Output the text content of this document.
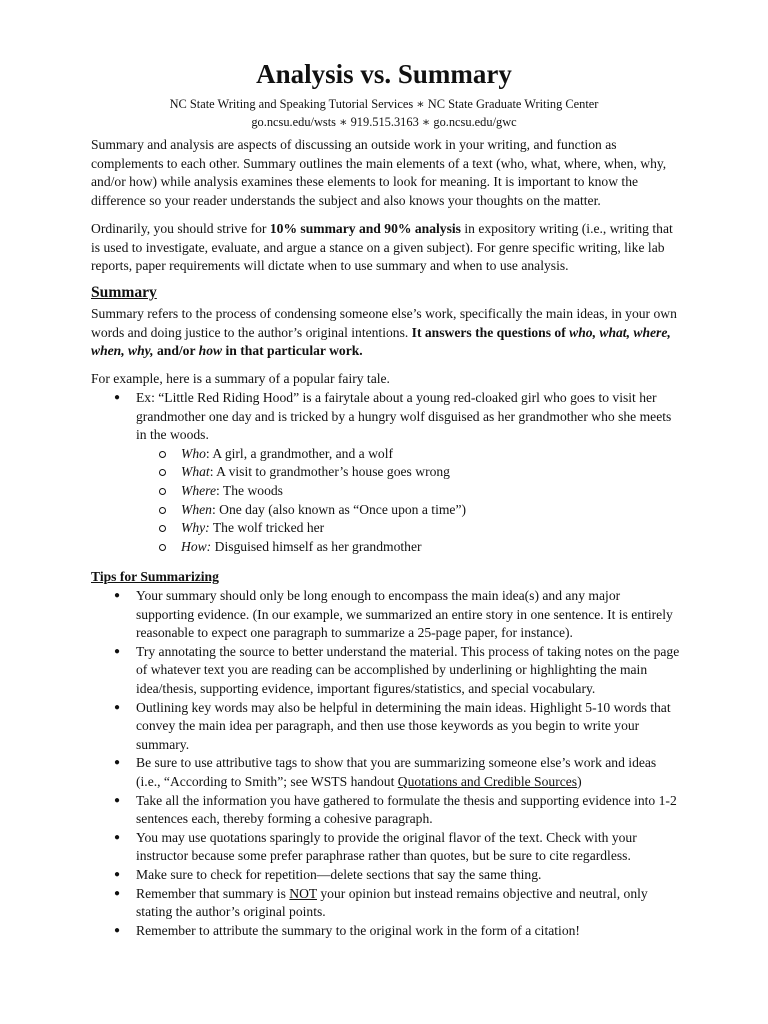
Analysis vs. Summary
NC State Writing and Speaking Tutorial Services ∗ NC State Graduate Writing Center
go.ncsu.edu/wsts ∗ 919.515.3163 ∗ go.ncsu.edu/gwc

Summary and analysis are aspects of discussing an outside work in your writing, and function as complements to each other. Summary outlines the main elements of a text (who, what, where, when, why, and/or how) while analysis examines these elements to look for meaning. It is important to know the difference so your reader understands the subject and also knows your thoughts on the matter.

Ordinarily, you should strive for 10% summary and 90% analysis in expository writing (i.e., writing that is used to investigate, evaluate, and argue a stance on a given subject). For genre specific writing, like lab reports, paper requirements will dictate when to use summary and when to use analysis.

Summary

Summary refers to the process of condensing someone else’s work, specifically the main ideas, in your own words and doing justice to the author’s original intentions. It answers the questions of who, what, where, when, why, and/or how in that particular work.

For example, here is a summary of a popular fairy tale.

● Ex: “Little Red Riding Hood” is a fairytale about a young red-cloaked girl who goes to visit her grandmother one day and is tricked by a hungry wolf disguised as her grandmother who she meets in the woods.
Who: A girl, a grandmother, and a wolf
What: A visit to grandmother’s house goes wrong
Where: The woods
When: One day (also known as “Once upon a time”)
Why: The wolf tricked her
How: Disguised himself as her grandmother
Tips for Summarizing
● Your summary should only be long enough to encompass the main idea(s) and any major supporting evidence. (In our example, we summarized an entire story in one sentence. It is entirely reasonable to expect one paragraph to summarize a 25-page paper, for instance).
● Try annotating the source to better understand the material. This process of taking notes on the page of whatever text you are reading can be accomplished by underlining or highlighting the main idea/thesis, supporting evidence, important figures/statistics, and special vocabulary.
● Outlining key words may also be helpful in determining the main ideas. Highlight 5-10 words that convey the main idea per paragraph, and then use those keywords as you begin to write your summary.
● Be sure to use attributive tags to show that you are summarizing someone else’s work and ideas (i.e., “According to Smith”; see WSTS handout Quotations and Credible Sources)
● Take all the information you have gathered to formulate the thesis and supporting evidence into 1-2 sentences each, thereby forming a cohesive paragraph.
● You may use quotations sparingly to provide the original flavor of the text. Check with your instructor because some prefer paraphrase rather than quotes, but be sure to cite regardless.
● Make sure to check for repetition—delete sections that say the same thing.
● Remember that summary is NOT your opinion but instead remains objective and neutral, only stating the author’s original points.
● Remember to attribute the summary to the original work in the form of a citation!
